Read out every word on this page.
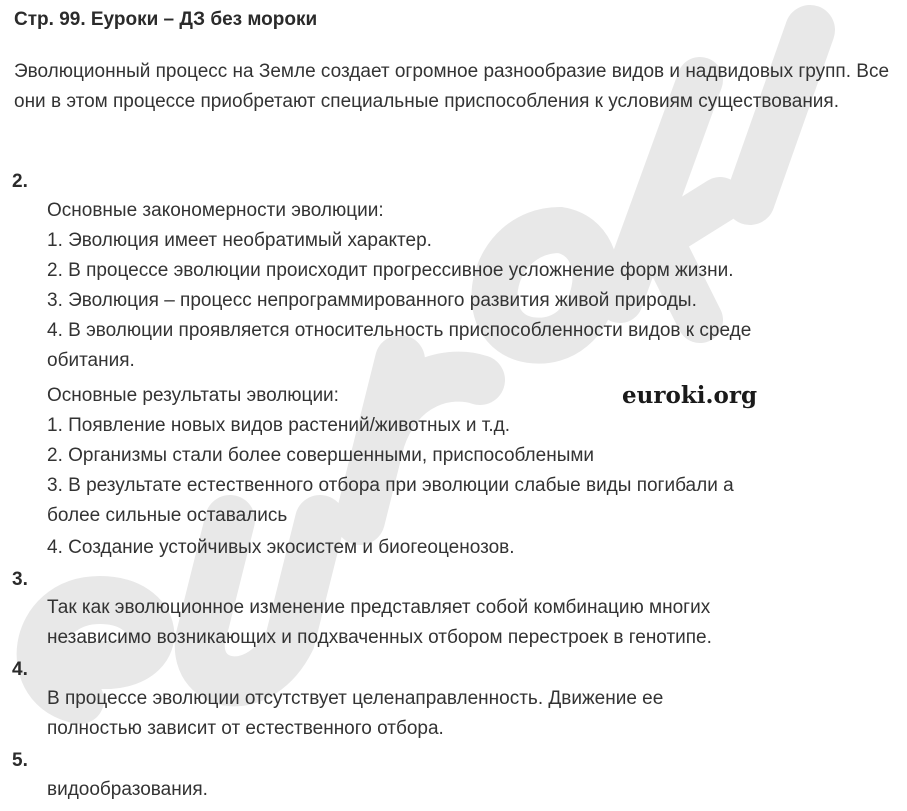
Стр. 99. Еуроки – ДЗ без мороки
Эволюционный процесс на Земле создает огромное разнообразие видов и надвидовых групп. Все они в этом процессе приобретают специальные приспособления к условиям существования.
2.
Основные закономерности эволюции:
1. Эволюция имеет необратимый характер.
2. В процессе эволюции происходит прогрессивное усложнение форм жизни.
3. Эволюция – процесс непрограммированного развития живой природы.
4. В эволюции проявляется относительность приспособленности видов к среде
обитания.
Основные результаты эволюции:	euroki.org
1. Появление новых видов растений/животных и т.д.
2. Организмы стали более совершенными, приспособлеными
3. В результате естественного отбора при эволюции слабые виды погибали а
более сильные оставались
4. Создание устойчивых экосистем и биогеоценозов.
3.
Так как эволюционное изменение представляет собой комбинацию многих
независимо возникающих и подхваченных отбором перестроек в генотипе.
4.
В процессе эволюции отсутствует целенаправленность. Движение ее
полностью зависит от естественного отбора.
5.
видообразования.
